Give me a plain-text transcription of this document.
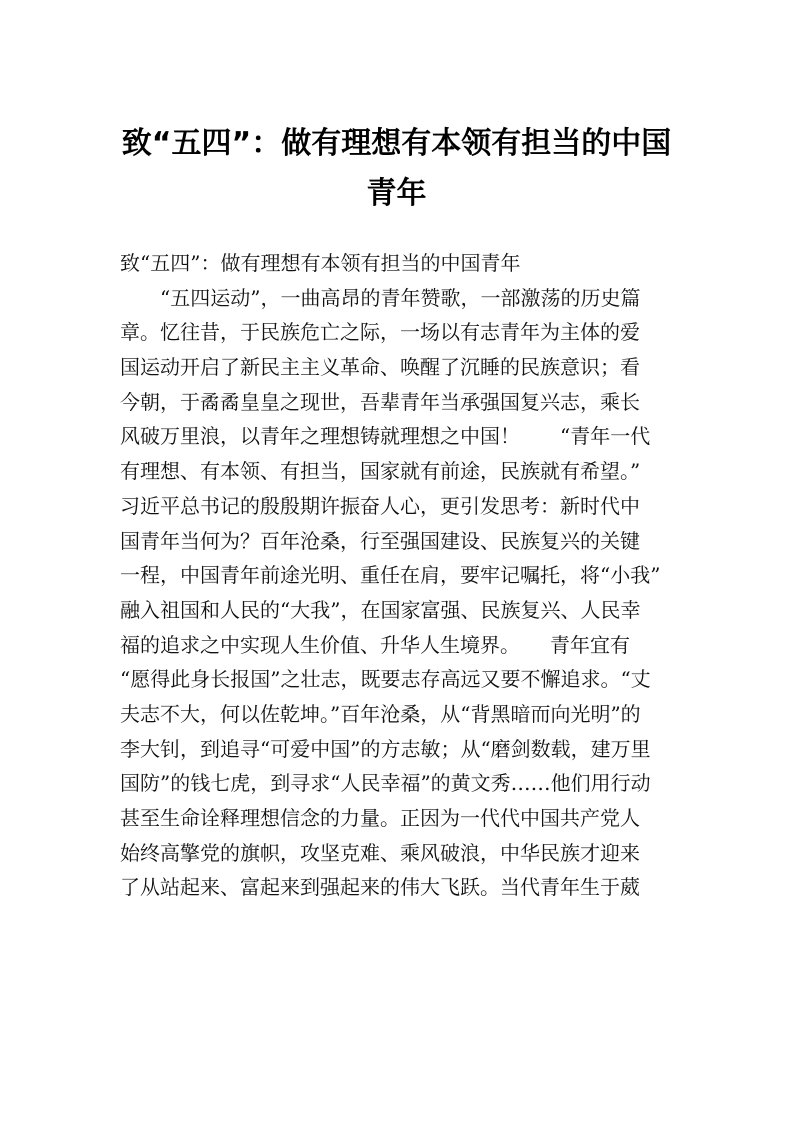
致“五四”：做有理想有本领有担当的中国
青年
致“五四”：做有理想有本领有担当的中国青年
　　“五四运动”，一曲高昂的青年赞歌，一部激荡的历史篇
章。忆往昔，于民族危亡之际，一场以有志青年为主体的爱
国运动开启了新民主主义革命、唤醒了沉睡的民族意识；看
今朝，于矞矞皇皇之现世，吾辈青年当承强国复兴志，乘长
风破万里浪，以青年之理想铸就理想之中国！　　“青年一代
有理想、有本领、有担当，国家就有前途，民族就有希望。”
习近平总书记的殷殷期许振奋人心，更引发思考：新时代中
国青年当何为？百年沧桑，行至强国建设、民族复兴的关键
一程，中国青年前途光明、重任在肩，要牢记嘱托，将“小我”
融入祖国和人民的“大我”，在国家富强、民族复兴、人民幸
福的追求之中实现人生价值、升华人生境界。　　青年宜有
“愿得此身长报国”之壮志，既要志存高远又要不懈追求。“丈
夫志不大，何以佐乾坤。”百年沧桑，从“背黑暗而向光明”的
李大钊，到追寻“可爱中国”的方志敏；从“磨剑数载，建万里
国防”的钱七虎，到寻求“人民幸福”的黄文秀……他们用行动
甚至生命诠释理想信念的力量。正因为一代代中国共产党人
始终高擎党的旗帜，攻坚克难、乘风破浪，中华民族才迎来
了从站起来、富起来到强起来的伟大飞跃。当代青年生于葳
